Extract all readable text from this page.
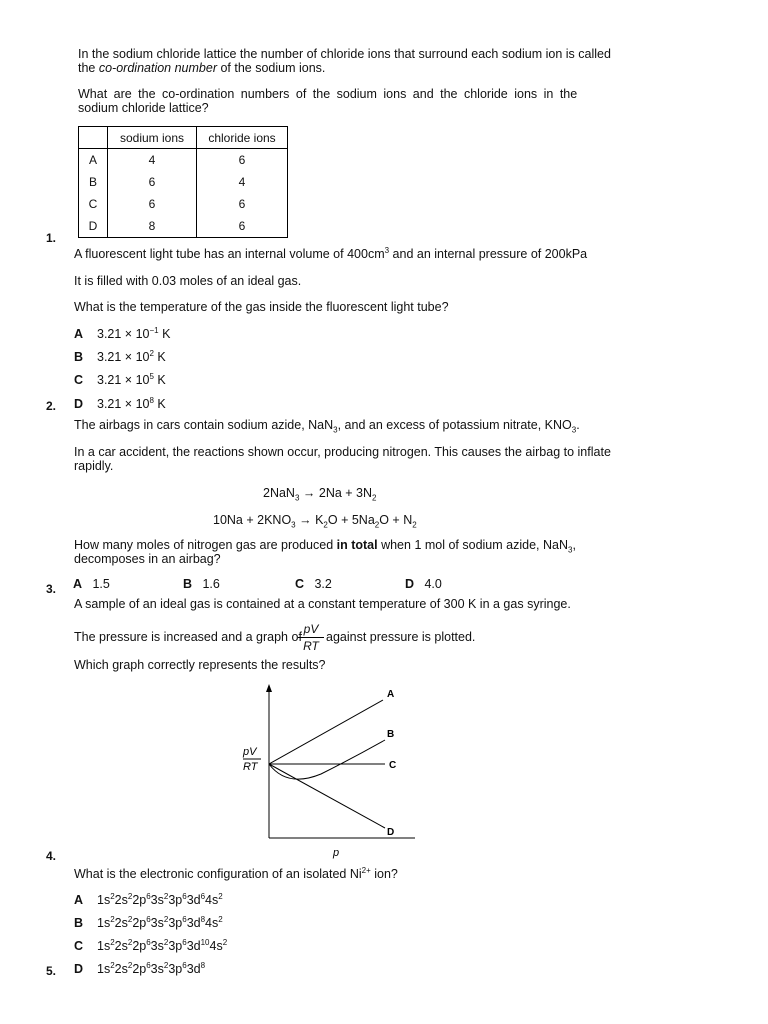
In the sodium chloride lattice the number of chloride ions that surround each sodium ion is called
the co-ordination number of the sodium ions.
What are the co-ordination numbers of the sodium ions and the chloride ions in the
sodium chloride lattice?
	sodium ions	chloride ions
A	4	6
B	6	4
C	6	6
D	8	6
1.
2.
3.
4.
5.
A fluorescent light tube has an internal volume of $400cm^3$ and an internal pressure of 200kPa
It is filled with 0.03 moles of an ideal gas.
What is the temperature of the gas inside the fluorescent light tube?
A $3.21 \times 10^{-1}$ K
B $3.21 \times 10^2$ K
C $3.21 \times 10^5$ K
D $3.21 \times 10^8$ K
The airbags in cars contain sodium azide, NaN$_3$, and an excess of potassium nitrate, $KNO_3$.
In a car accident, the reactions shown occur, producing nitrogen. This causes the airbag to inflate
rapidly.
$2NaN_3 \to 2Na + 3N_2$
$10Na + 2KNO_3 \to K_2O + 5Na_2O + N_2$
How many moles of nitrogen gas are produced in total when 1 mol of sodium azide, NaN$_3$,
decomposes in an airbag?
A 1.5	B 1.6	C 3.2	D 4.0
A sample of an ideal gas is contained at a constant temperature of 300 K in a gas syringe.
The pressure is increased and a graph of
pV
RT
against pressure is plotted.
Which graph correctly represents the results?
A
B
C
D
pV
RT
p
What is the electronic configuration of an isolated $Ni^{2+}$ ion?
A $1s^22s^22p^63s^23p^63d^64s^2$
B $1s^22s^22p^63s^23p^63d^84s^2$
C $1s^22s^22p^63s^23p^63d^{10}4s^2$
D $1s^22s^22p^63s^23p^63d^8$
